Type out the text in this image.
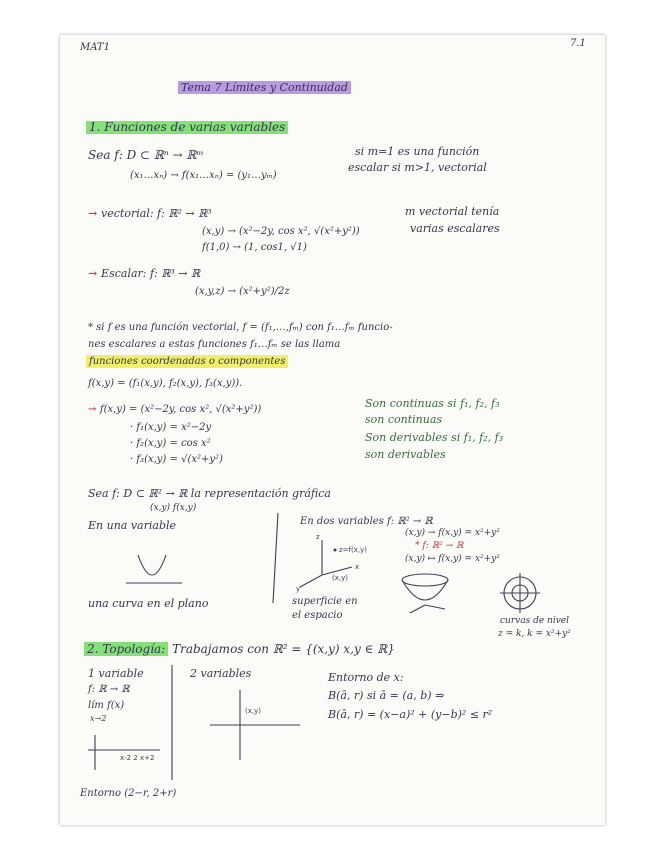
MAT1	7.1
Tema 7 Límites y Continuidad
1. Funciones de varias variables
Sea f: D ⊂ ℝⁿ → ℝᵐ
(x₁…xₙ) → f(x₁…xₙ) = (y₁…yₘ)
si m=1 es una función
escalar si m>1, vectorial
→ vectorial: f: ℝ² → ℝ³
(x,y) → (x²−2y, cos x², √(x²+y²))
f(1,0) → (1, cos1, √1)
m vectorial tenía
varias escalares
→ Escalar: f: ℝ³ → ℝ
(x,y,z) → (x²+y²)/2z
* si f es una función vectorial, f = (f₁,…,fₘ) con f₁…fₘ funcio-
nes escalares a estas funciones f₁…fₘ se las llama
funciones coordenadas o componentes
f(x,y) = (f₁(x,y), f₂(x,y), f₃(x,y)).
→ f(x,y) = (x²−2y, cos x², √(x²+y²))
· f₁(x,y) = x²−2y
· f₂(x,y) = cos x²
· f₃(x,y) = √(x²+y²)
Son continuas si f₁, f₂, f₃
son continuas
Son derivables si f₁, f₂, f₃
son derivables
Sea f: D ⊂ ℝ² → ℝ la representación gráfica
(x,y) f(x,y)
En una variable	En dos variables f: ℝ² → ℝ
(x,y) → f(x,y) = x²+y²
* f: ℝ² → ℝ
(x,y) ↦ f(x,y) = x²+y²
z=f(x,y)
(x,y)
z
x
y
x-2 2 x+2
(x,y)
una curva en el plano	superficie en
el espacio	curvas de nivel
z = k, k = x²+y²
2. Topología: Trabajamos con ℝ² = {(x,y) x,y ∈ ℝ}
1 variable
f: ℝ → ℝ
lím f(x)
x→2
2 variables	Entorno de x:
B(ā, r) si ā = (a, b) ⇒
B(ā, r) = (x−a)² + (y−b)² ≤ r²
Entorno (2−r, 2+r)
